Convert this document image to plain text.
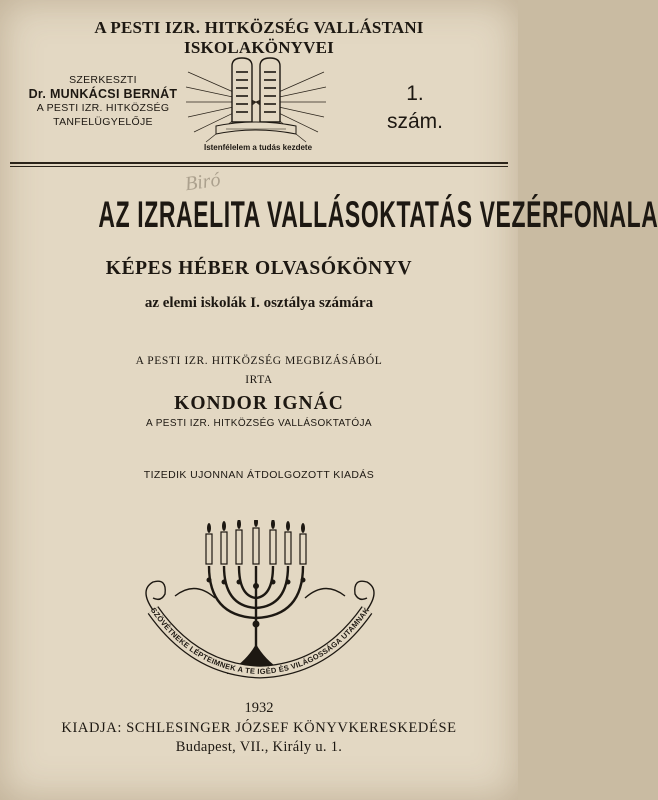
A PESTI IZR. HITKÖZSÉG VALLÁSTANI ISKOLAKÖNYVEI
SZERKESZTI
Dr. MUNKÁCSI BERNÁT
A PESTI IZR. HITKÖZSÉG
TANFELÜGYELŐJE
Istenfélelem a tudás kezdete
1.
szám.
Biró
AZ IZRAELITA VALLÁSOKTATÁS VEZÉRFONALA
KÉPES HÉBER OLVASÓKÖNYV
az elemi iskolák I. osztálya számára
A PESTI IZR. HITKÖZSÉG MEGBIZÁSÁBÓL
IRTA
KONDOR IGNÁC
A PESTI IZR. HITKÖZSÉG VALLÁSOKTATÓJA
TIZEDIK UJONNAN ÁTDOLGOZOTT KIADÁS
SZÖVÉTNEKE LÉPTEIMNEK A TE IGÉD ÉS VILÁGOSSÁGA UTAMNAK
1932
KIADJA: SCHLESINGER JÓZSEF KÖNYVKERESKEDÉSE
Budapest, VII., Király u. 1.
